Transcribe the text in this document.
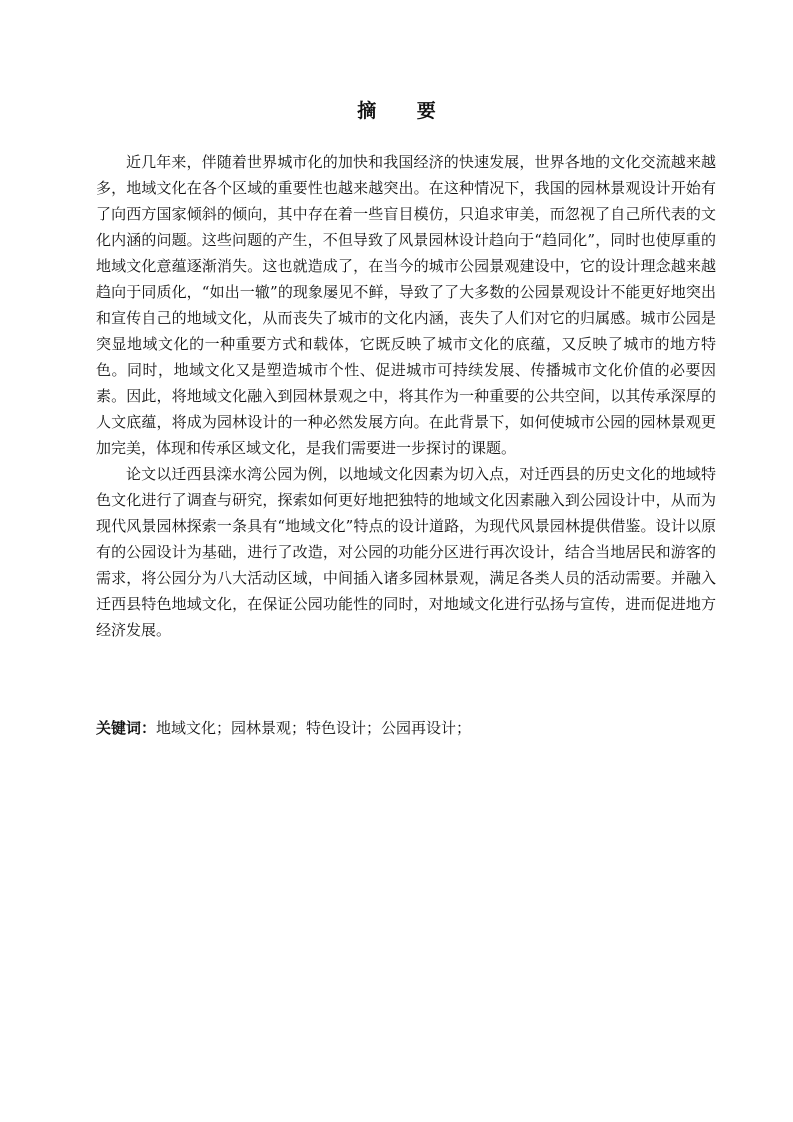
摘 要

近几年来，伴随着世界城市化的加快和我国经济的快速发展，世界各地的文化交流越来越多，地域文化在各个区域的重要性也越来越突出。在这种情况下，我国的园林景观设计开始有了向西方国家倾斜的倾向，其中存在着一些盲目模仿，只追求审美，而忽视了自己所代表的文化内涵的问题。这些问题的产生，不但导致了风景园林设计趋向于“趋同化”，同时也使厚重的地域文化意蕴逐渐消失。这也就造成了，在当今的城市公园景观建设中，它的设计理念越来越趋向于同质化，“如出一辙”的现象屡见不鲜，导致了了大多数的公园景观设计不能更好地突出和宣传自己的地域文化，从而丧失了城市的文化内涵，丧失了人们对它的归属感。城市公园是突显地域文化的一种重要方式和载体，它既反映了城市文化的底蕴，又反映了城市的地方特色。同时，地域文化又是塑造城市个性、促进城市可持续发展、传播城市文化价值的必要因素。因此，将地域文化融入到园林景观之中，将其作为一种重要的公共空间，以其传承深厚的人文底蕴，将成为园林设计的一种必然发展方向。在此背景下，如何使城市公园的园林景观更加完美，体现和传承区域文化，是我们需要进一步探讨的课题。

论文以迁西县滦水湾公园为例，以地域文化因素为切入点，对迁西县的历史文化的地域特色文化进行了调查与研究，探索如何更好地把独特的地域文化因素融入到公园设计中，从而为现代风景园林探索一条具有“地域文化”特点的设计道路，为现代风景园林提供借鉴。设计以原有的公园设计为基础，进行了改造，对公园的功能分区进行再次设计，结合当地居民和游客的需求，将公园分为八大活动区域，中间插入诸多园林景观，满足各类人员的活动需要。并融入迁西县特色地域文化，在保证公园功能性的同时，对地域文化进行弘扬与宣传，进而促进地方经济发展。

关键词：地域文化；园林景观；特色设计；公园再设计；
